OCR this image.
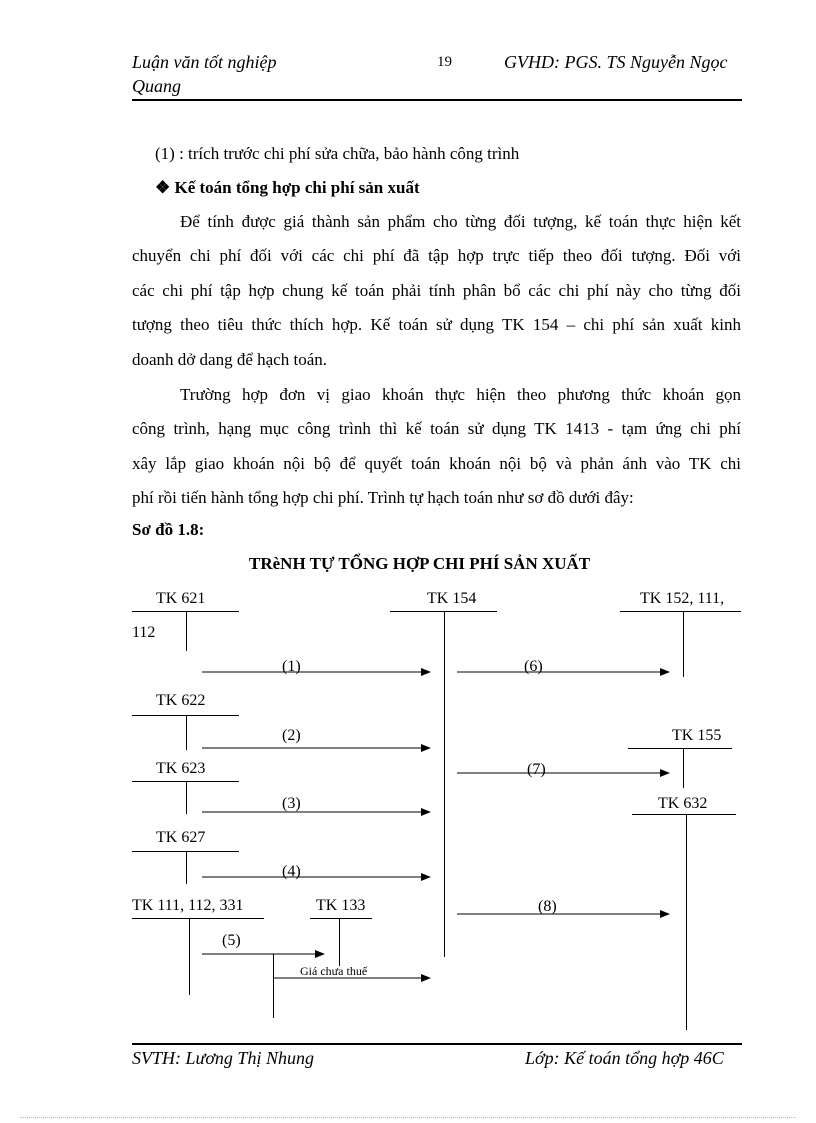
Luận văn tốt nghiệp
Quang
19	GVHD: PGS. TS Nguyễn Ngọc
(1) : trích trước chi phí sửa chữa, bảo hành công trình
❖ Kế toán tổng hợp chi phí sản xuất

Để tính được giá thành sản phẩm cho từng đối tượng, kế toán thực hiện kết

chuyển chi phí đối với các chi phí đã tập hợp trực tiếp theo đối tượng. Đối với

các chi phí tập hợp chung kế toán phải tính phân bổ các chi phí này cho từng đối

tượng theo tiêu thức thích hợp. Kế toán sử dụng TK 154 – chi phí sản xuất kinh

doanh dở dang để hạch toán.

Trường hợp đơn vị giao khoán thực hiện theo phương thức khoán gọn

công trình, hạng mục công trình thì kế toán sử dụng TK 1413 - tạm ứng chi phí

xây lắp giao khoán nội bộ để quyết toán khoán nội bộ và phản ánh vào TK chi

phí rồi tiến hành tổng hợp chi phí. Trình tự hạch toán như sơ đồ dưới đây:

Sơ đồ 1.8:
TRèNH TỰ TỔNG HỢP CHI PHÍ SẢN XUẤT
TK 621
112
TK 622
TK 623
TK 627
TK 111, 112, 331	TK 133
TK 154	TK 152, 111,
TK 155
TK 632
(1)
(2)
(3)
(4)
(5)
(6)
(7)
(8)
Giá chưa thuế
SVTH: Lương Thị Nhung	Lớp: Kế toán tổng hợp 46C
